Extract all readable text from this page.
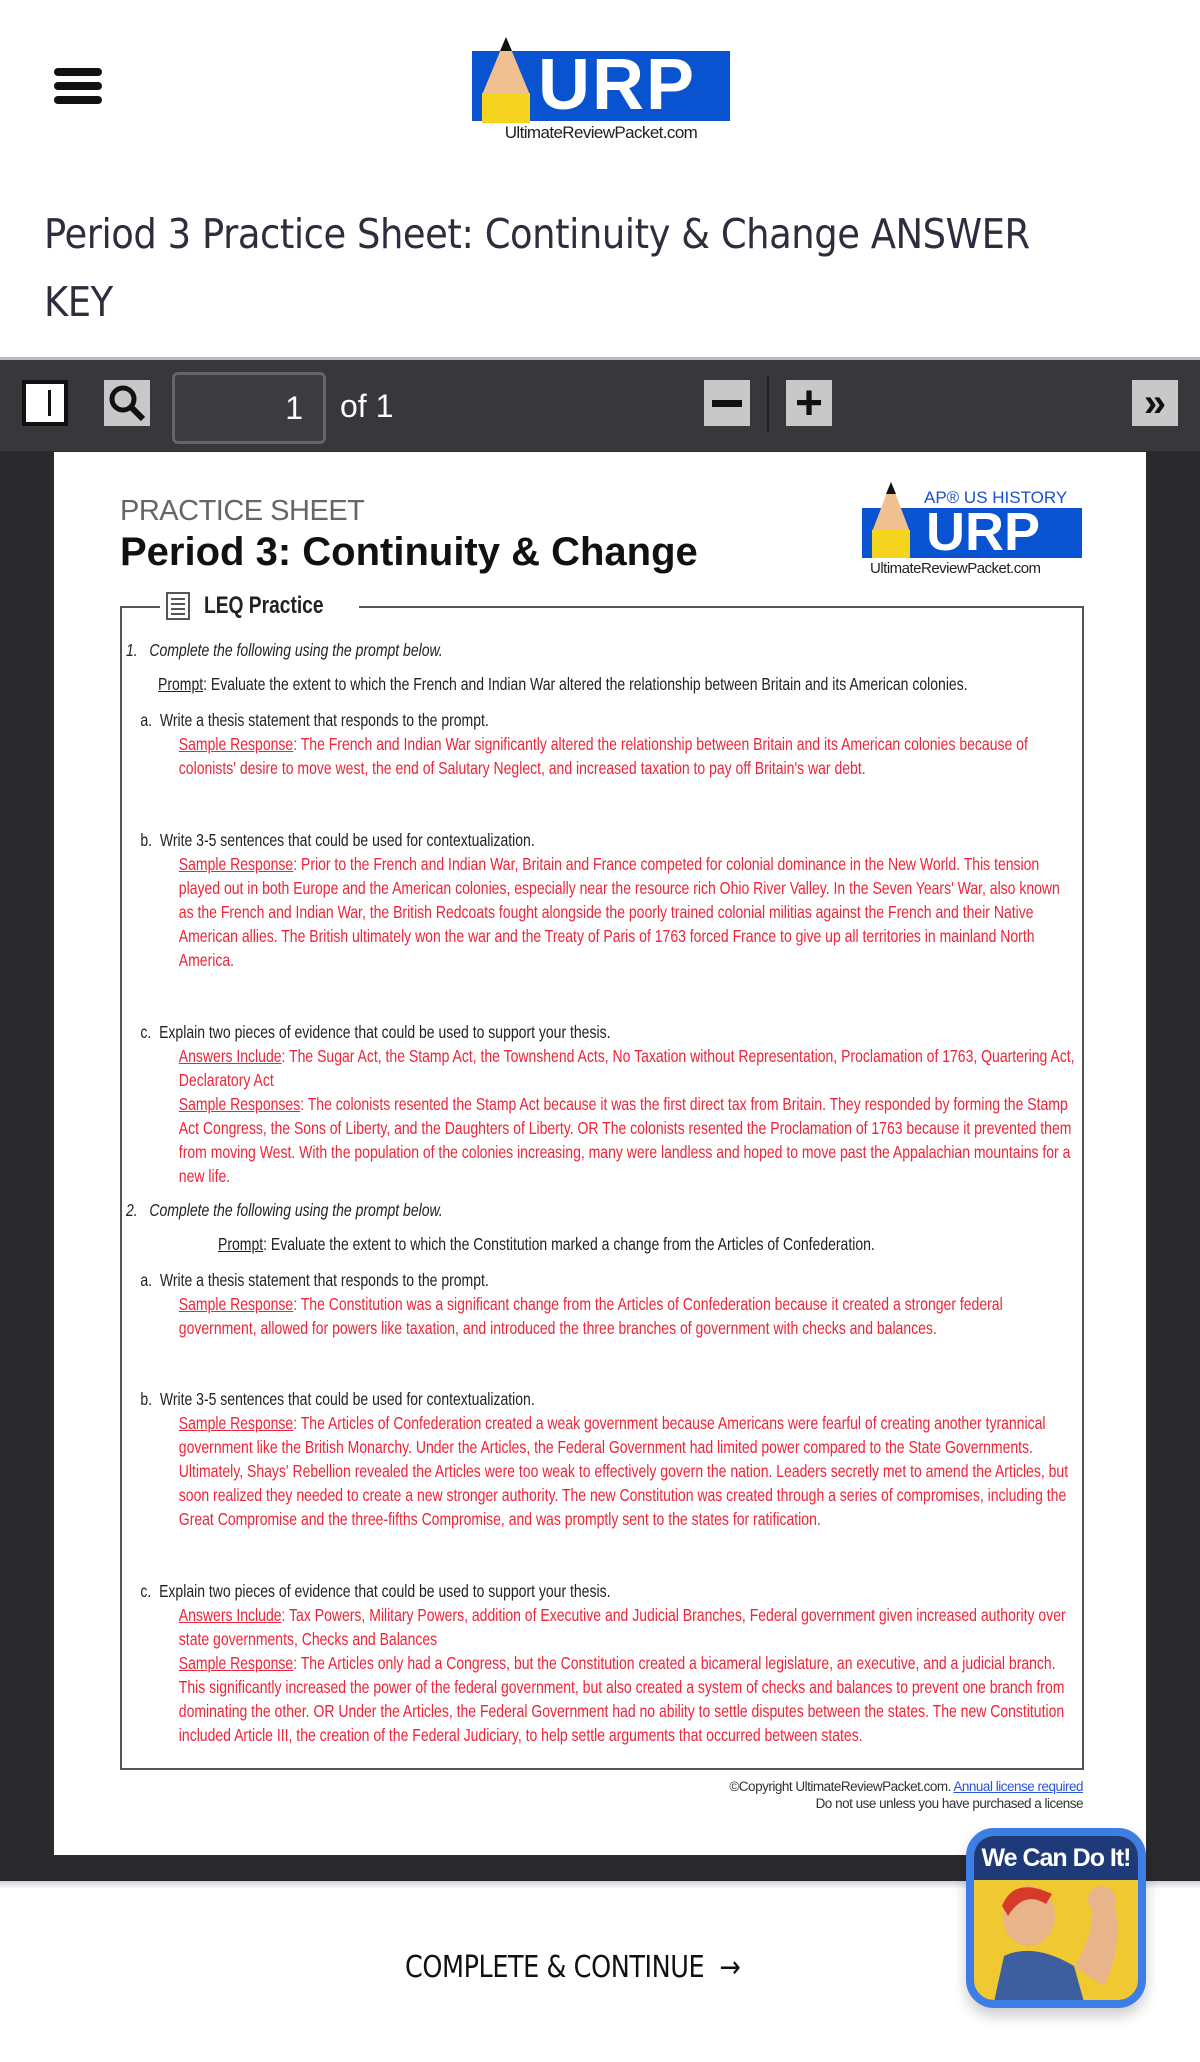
URP
UltimateReviewPacket.com
Period 3 Practice Sheet: Continuity & Change ANSWER KEY
1
of 1	+	»
PRACTICE SHEET
Period 3: Continuity & Change
AP® US HISTORY
URP
UltimateReviewPacket.com
LEQ Practice
1. Complete the following using the prompt below.
Prompt: Evaluate the extent to which the French and Indian War altered the relationship between Britain and its American colonies.
a. Write a thesis statement that responds to the prompt.
Sample Response: The French and Indian War significantly altered the relationship between Britain and its American colonies because of colonists' desire to move west, the end of Salutary Neglect, and increased taxation to pay off Britain's war debt.
b. Write 3-5 sentences that could be used for contextualization.
Sample Response: Prior to the French and Indian War, Britain and France competed for colonial dominance in the New World. This tension played out in both Europe and the American colonies, especially near the resource rich Ohio River Valley. In the Seven Years' War, also known as the French and Indian War, the British Redcoats fought alongside the poorly trained colonial militias against the French and their Native American allies. The British ultimately won the war and the Treaty of Paris of 1763 forced France to give up all territories in mainland North America.
c. Explain two pieces of evidence that could be used to support your thesis.
Answers Include: The Sugar Act, the Stamp Act, the Townshend Acts, No Taxation without Representation, Proclamation of 1763, Quartering Act, Declaratory Act
Sample Responses: The colonists resented the Stamp Act because it was the first direct tax from Britain. They responded by forming the Stamp Act Congress, the Sons of Liberty, and the Daughters of Liberty. OR The colonists resented the Proclamation of 1763 because it prevented them from moving West. With the population of the colonies increasing, many were landless and hoped to move past the Appalachian mountains for a new life.
2. Complete the following using the prompt below.
Prompt: Evaluate the extent to which the Constitution marked a change from the Articles of Confederation.
a. Write a thesis statement that responds to the prompt.
Sample Response: The Constitution was a significant change from the Articles of Confederation because it created a stronger federal government, allowed for powers like taxation, and introduced the three branches of government with checks and balances.
b. Write 3-5 sentences that could be used for contextualization.
Sample Response: The Articles of Confederation created a weak government because Americans were fearful of creating another tyrannical government like the British Monarchy. Under the Articles, the Federal Government had limited power compared to the State Governments. Ultimately, Shays' Rebellion revealed the Articles were too weak to effectively govern the nation. Leaders secretly met to amend the Articles, but soon realized they needed to create a new stronger authority. The new Constitution was created through a series of compromises, including the Great Compromise and the three-fifths Compromise, and was promptly sent to the states for ratification.
c. Explain two pieces of evidence that could be used to support your thesis.
Answers Include: Tax Powers, Military Powers, addition of Executive and Judicial Branches, Federal government given increased authority over state governments, Checks and Balances
Sample Response: The Articles only had a Congress, but the Constitution created a bicameral legislature, an executive, and a judicial branch. This significantly increased the power of the federal government, but also created a system of checks and balances to prevent one branch from dominating the other. OR Under the Articles, the Federal Government had no ability to settle disputes between the states. The new Constitution included Article III, the creation of the Federal Judiciary, to help settle arguments that occurred between states.
©Copyright UltimateReviewPacket.com. Annual license required
Do not use unless you have purchased a license
COMPLETE & CONTINUE →
We Can Do It!
